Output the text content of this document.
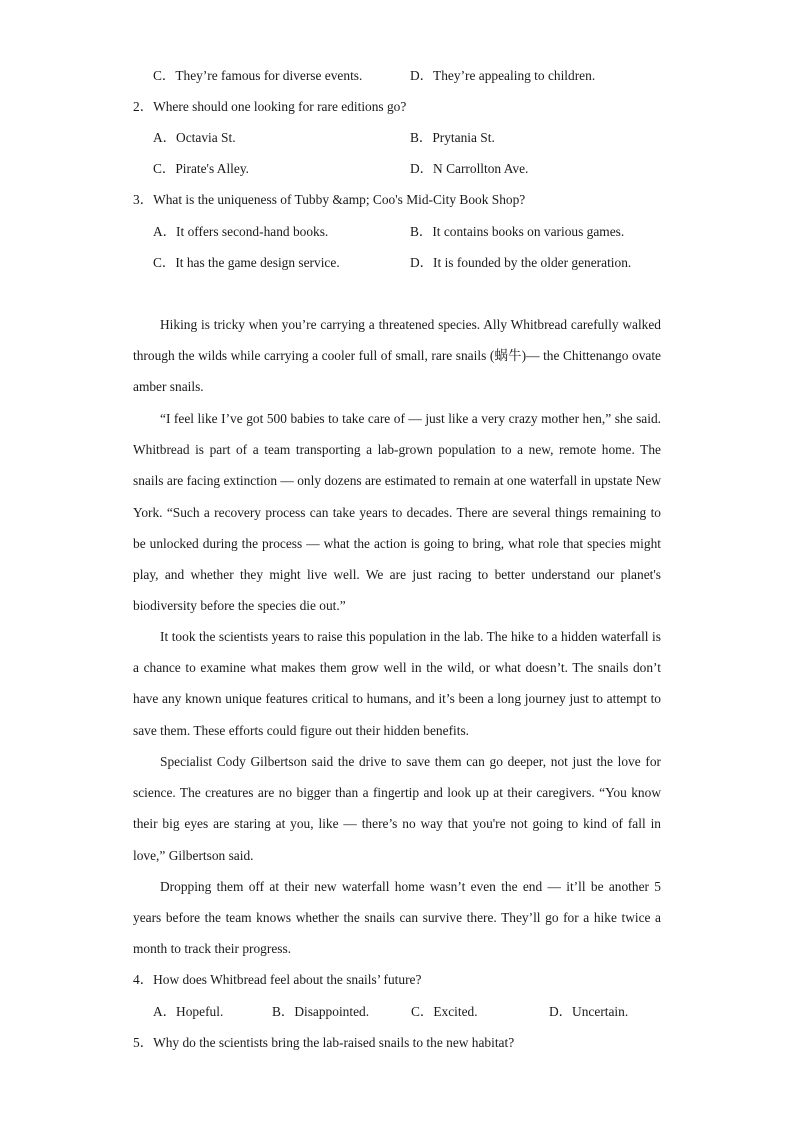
C．They’re famous for diverse events.	D．They’re appealing to children.
2．Where should one looking for rare editions go?
A．Octavia St.	B．Prytania St.
C．Pirate's Alley.	D．N Carrollton Ave.
3．What is the uniqueness of Tubby &amp; Coo's Mid-City Book Shop?
A．It offers second-hand books.	B．It contains books on various games.
C．It has the game design service.	D．It is founded by the older generation.

Hiking is tricky when you’re carrying a threatened species. Ally Whitbread carefully walked through the wilds while carrying a cooler full of small, rare snails (蜗牛)— the Chittenango ovate amber snails.

“I feel like I’ve got 500 babies to take care of — just like a very crazy mother hen,” she said. Whitbread is part of a team transporting a lab-grown population to a new, remote home. The snails are facing extinction — only dozens are estimated to remain at one waterfall in upstate New York. “Such a recovery process can take years to decades. There are several things remaining to be unlocked during the process — what the action is going to bring, what role that species might play, and whether they might live well. We are just racing to better understand our planet's biodiversity before the species die out.”

It took the scientists years to raise this population in the lab. The hike to a hidden waterfall is a chance to examine what makes them grow well in the wild, or what doesn’t. The snails don’t have any known unique features critical to humans, and it’s been a long journey just to attempt to save them. These efforts could figure out their hidden benefits.

Specialist Cody Gilbertson said the drive to save them can go deeper, not just the love for science. The creatures are no bigger than a fingertip and look up at their caregivers. “You know their big eyes are staring at you, like — there’s no way that you're not going to kind of fall in love,” Gilbertson said.

Dropping them off at their new waterfall home wasn’t even the end — it’ll be another 5 years before the team knows whether the snails can survive there. They’ll go for a hike twice a month to track their progress.

4．How does Whitbread feel about the snails’ future?
A．Hopeful.	B．Disappointed.	C．Excited.	D．Uncertain.
5．Why do the scientists bring the lab-raised snails to the new habitat?
